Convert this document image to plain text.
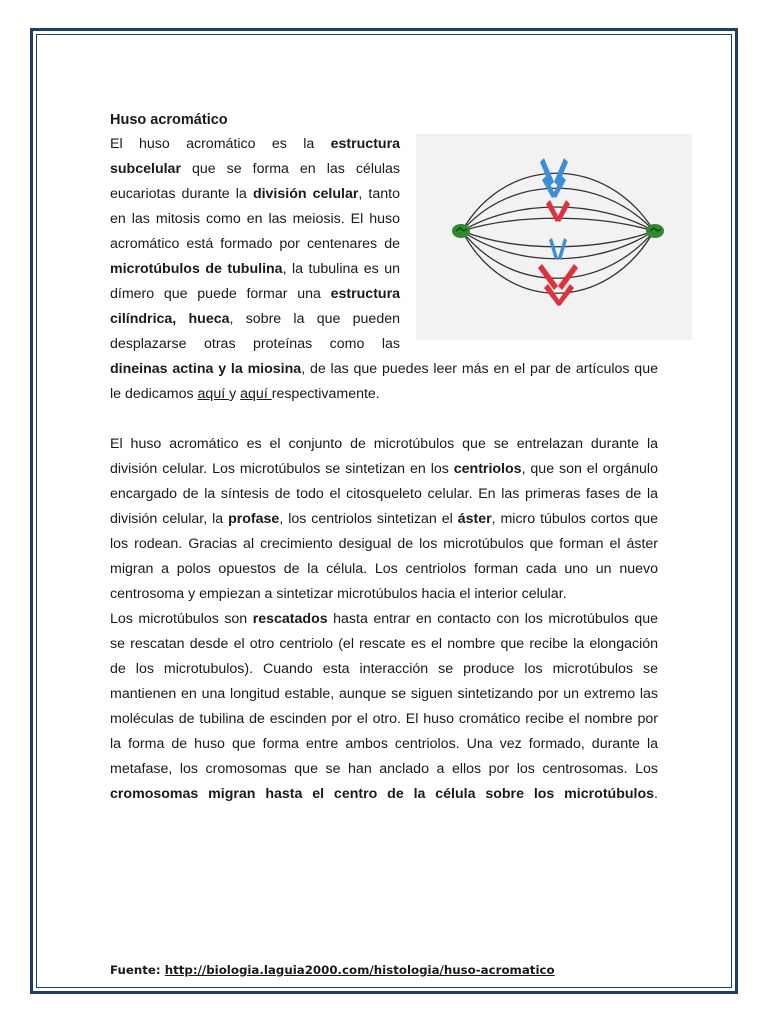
Huso acromático

El huso acromático es la estructura subcelular que se forma en las células eucariotas durante la división celular, tanto en las mitosis como en las meiosis. El huso acromático está formado por centenares de microtúbulos de tubulina, la tubulina es un dímero que puede formar una estructura cilíndrica, hueca, sobre la que pueden desplazarse otras proteínas como las dineinas actina y la miosina, de las que puedes leer más en el par de artículos que le dedicamos aquí y aquí respectivamente.

El huso acromático es el conjunto de microtúbulos que se entrelazan durante la división celular. Los microtúbulos se sintetizan en los centriolos, que son el orgánulo encargado de la síntesis de todo el citosqueleto celular. En las primeras fases de la división celular, la profase, los centriolos sintetizan el áster, micro túbulos cortos que los rodean. Gracias al crecimiento desigual de los microtúbulos que forman el áster migran a polos opuestos de la célula. Los centriolos forman cada uno un nuevo centrosoma y empiezan a sintetizar microtúbulos hacia el interior celular.

Los microtúbulos son rescatados hasta entrar en contacto con los microtúbulos que se rescatan desde el otro centriolo (el rescate es el nombre que recibe la elongación de los microtubulos). Cuando esta interacción se produce los microtúbulos se mantienen en una longitud estable, aunque se siguen sintetizando por un extremo las moléculas de tubilina de escinden por el otro. El huso cromático recibe el nombre por la forma de huso que forma entre ambos centriolos. Una vez formado, durante la metafase, los cromosomas que se han anclado a ellos por los centrosomas. Los cromosomas migran hasta el centro de la célula sobre los microtúbulos.

Fuente: http://biologia.laguia2000.com/histologia/huso-acromatico
